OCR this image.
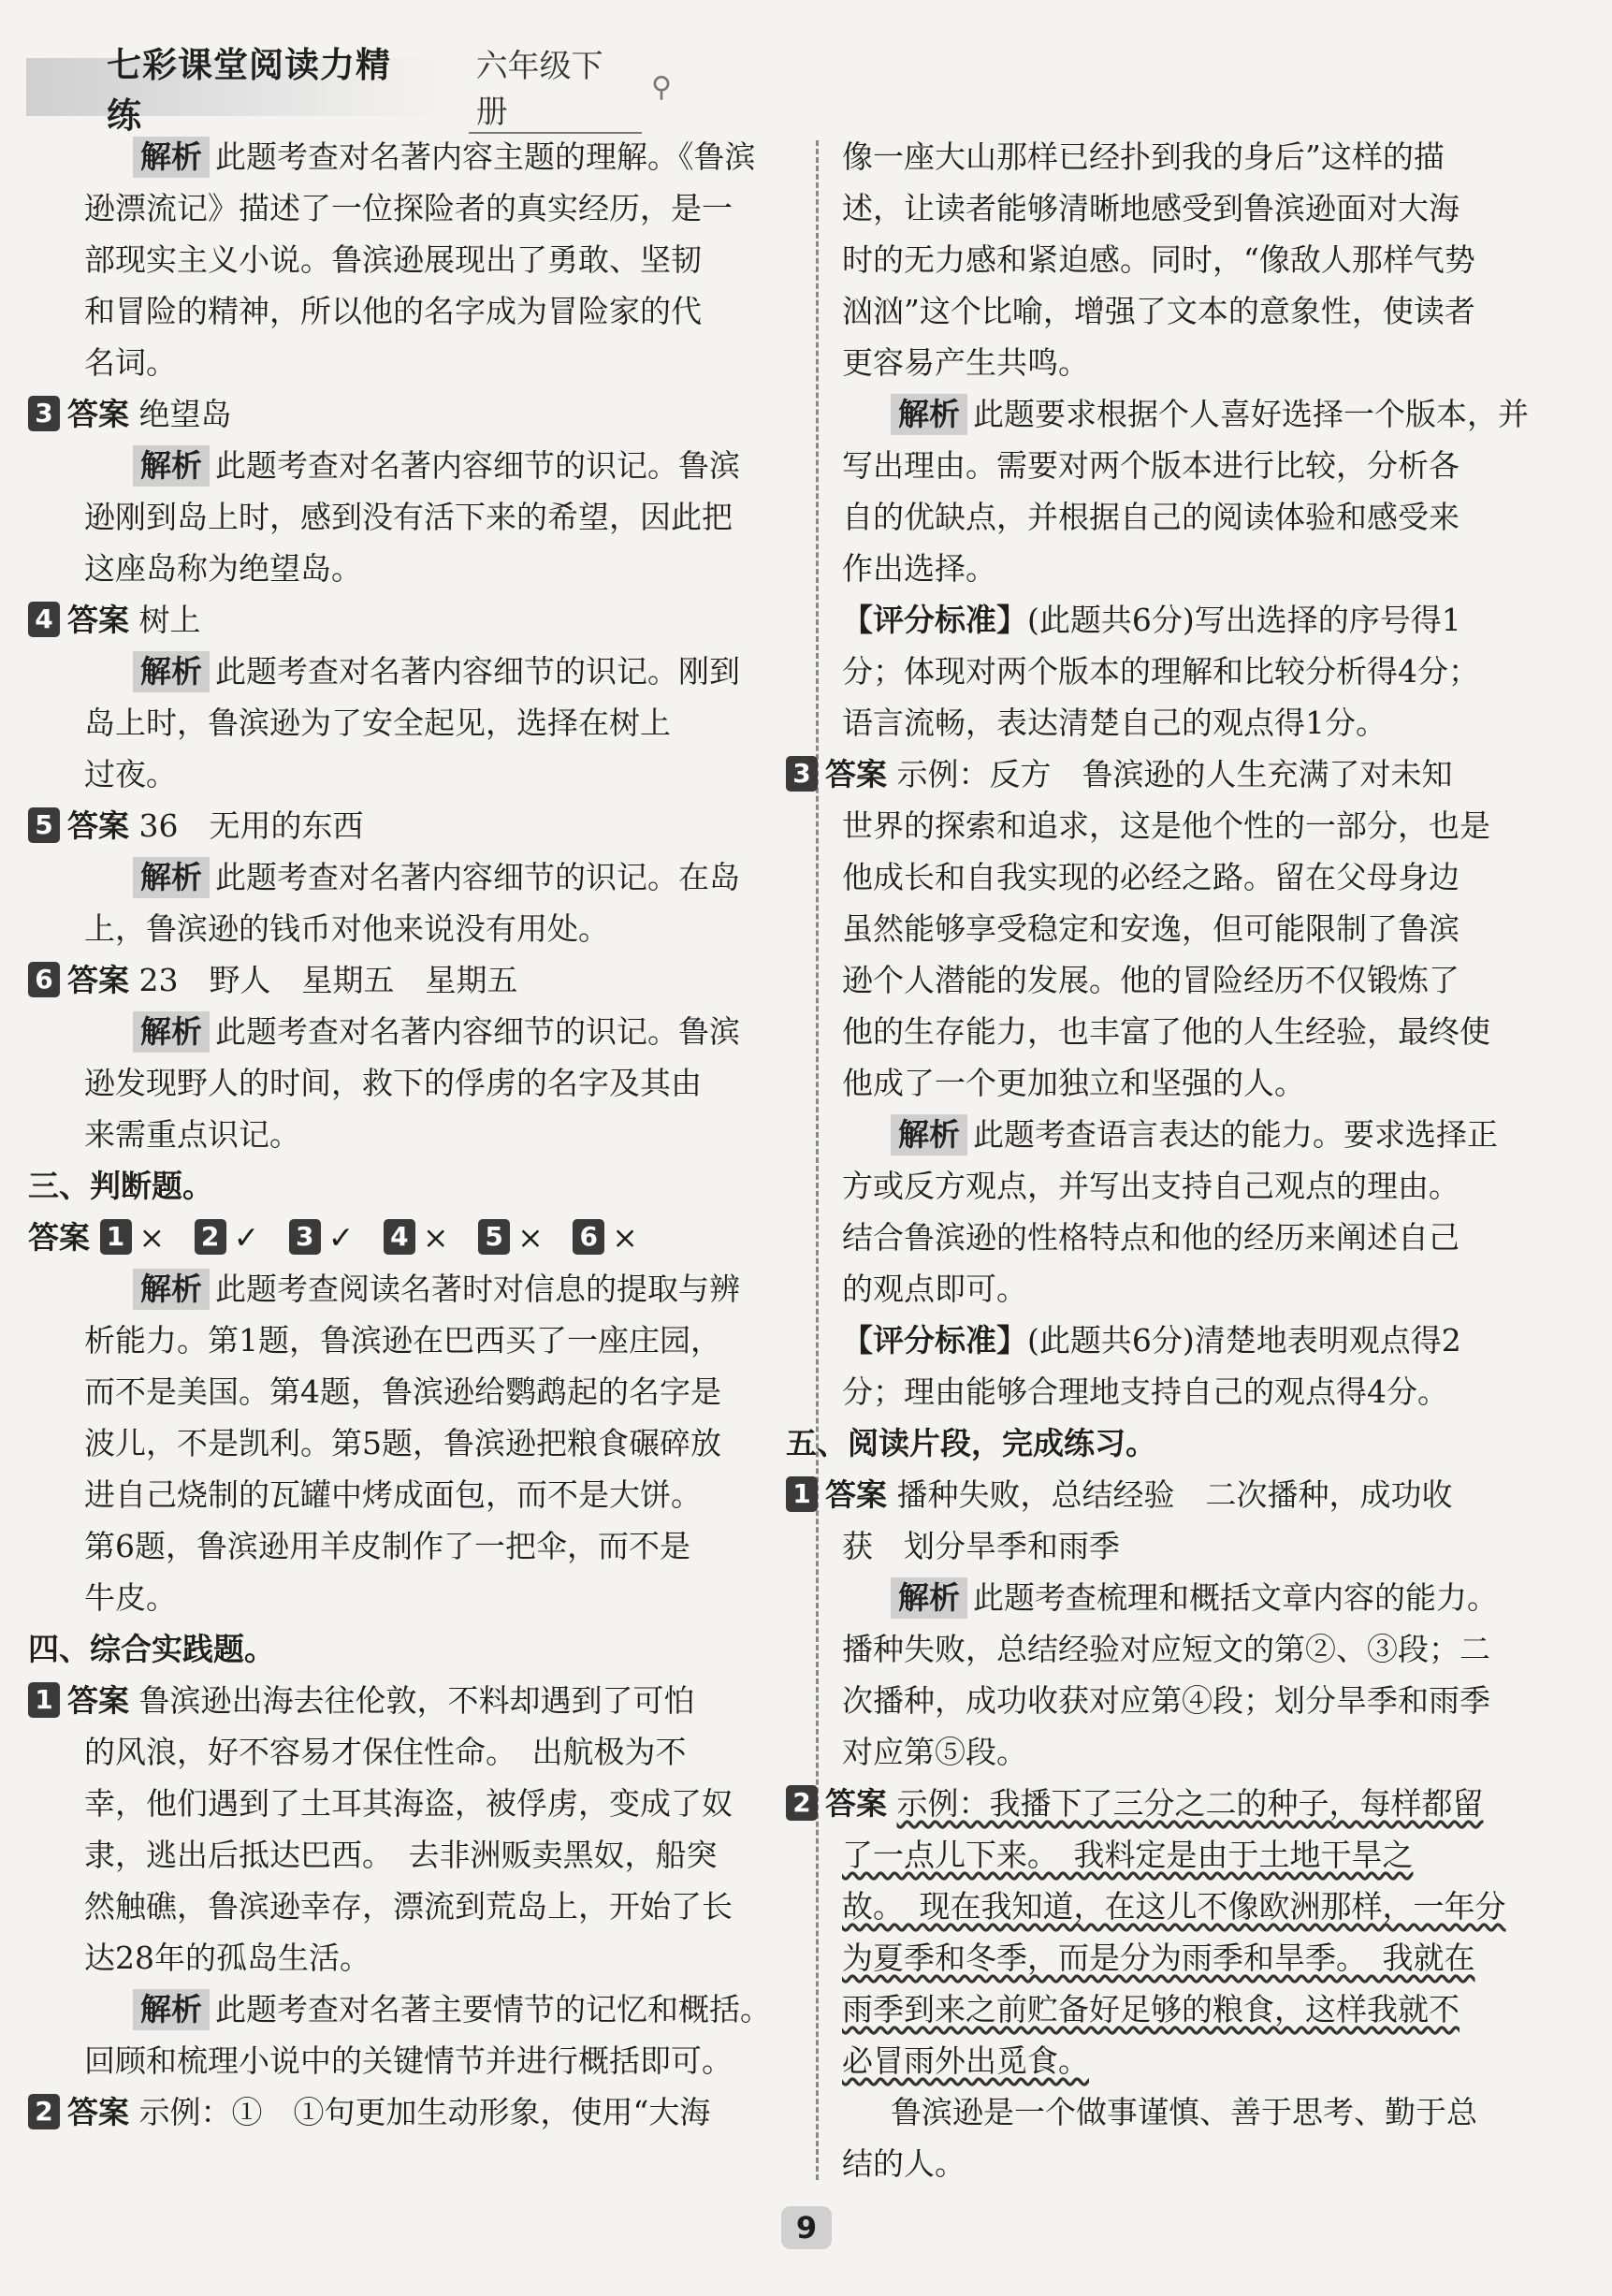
七彩课堂阅读力精练
六年级下册
⚲
解析 此题考查对名著内容主题的理解。《鲁滨
逊漂流记》描述了一位探险者的真实经历，是一
部现实主义小说。鲁滨逊展现出了勇敢、坚韧
和冒险的精神，所以他的名字成为冒险家的代
名词。
3 答案 绝望岛
解析 此题考查对名著内容细节的识记。鲁滨
逊刚到岛上时，感到没有活下来的希望，因此把
这座岛称为绝望岛。
4 答案 树上
解析 此题考查对名著内容细节的识记。刚到
岛上时，鲁滨逊为了安全起见，选择在树上
过夜。
5 答案 36　无用的东西
解析 此题考查对名著内容细节的识记。在岛
上，鲁滨逊的钱币对他来说没有用处。
6 答案 23　野人　星期五　星期五
解析 此题考查对名著内容细节的识记。鲁滨
逊发现野人的时间，救下的俘虏的名字及其由
来需重点识记。
三、判断题。
答案 1 × 2 ✓ 3 ✓ 4 × 5 × 6 ×
解析 此题考查阅读名著时对信息的提取与辨
析能力。第1题，鲁滨逊在巴西买了一座庄园，
而不是美国。第4题，鲁滨逊给鹦鹉起的名字是
波儿，不是凯利。第5题，鲁滨逊把粮食碾碎放
进自己烧制的瓦罐中烤成面包，而不是大饼。
第6题，鲁滨逊用羊皮制作了一把伞，而不是
牛皮。
四、综合实践题。
1 答案 鲁滨逊出海去往伦敦，不料却遇到了可怕
的风浪，好不容易才保住性命。　出航极为不
幸，他们遇到了土耳其海盗，被俘虏，变成了奴
隶，逃出后抵达巴西。　去非洲贩卖黑奴，船突
然触礁，鲁滨逊幸存，漂流到荒岛上，开始了长
达28年的孤岛生活。
解析 此题考查对名著主要情节的记忆和概括。
回顾和梳理小说中的关键情节并进行概括即可。
2 答案 示例：①　①句更加生动形象，使用“大海
像一座大山那样已经扑到我的身后”这样的描
述，让读者能够清晰地感受到鲁滨逊面对大海
时的无力感和紧迫感。同时，“像敌人那样气势
汹汹”这个比喻，增强了文本的意象性，使读者
更容易产生共鸣。
解析 此题要求根据个人喜好选择一个版本，并
写出理由。需要对两个版本进行比较，分析各
自的优缺点，并根据自己的阅读体验和感受来
作出选择。
【评分标准】(此题共6分)写出选择的序号得1
分；体现对两个版本的理解和比较分析得4分；
语言流畅，表达清楚自己的观点得1分。
3 答案 示例：反方　鲁滨逊的人生充满了对未知
世界的探索和追求，这是他个性的一部分，也是
他成长和自我实现的必经之路。留在父母身边
虽然能够享受稳定和安逸，但可能限制了鲁滨
逊个人潜能的发展。他的冒险经历不仅锻炼了
他的生存能力，也丰富了他的人生经验，最终使
他成了一个更加独立和坚强的人。
解析 此题考查语言表达的能力。要求选择正
方或反方观点，并写出支持自己观点的理由。
结合鲁滨逊的性格特点和他的经历来阐述自己
的观点即可。
【评分标准】(此题共6分)清楚地表明观点得2
分；理由能够合理地支持自己的观点得4分。
五、阅读片段，完成练习。
1 答案 播种失败，总结经验　二次播种，成功收
获　划分旱季和雨季
解析 此题考查梳理和概括文章内容的能力。
播种失败，总结经验对应短文的第②、③段；二
次播种，成功收获对应第④段；划分旱季和雨季
对应第⑤段。
2 答案 示例：我播下了三分之二的种子，每样都留
了一点儿下来。　我料定是由于土地干旱之
故。　现在我知道，在这儿不像欧洲那样，一年分
为夏季和冬季，而是分为雨季和旱季。　我就在
雨季到来之前贮备好足够的粮食，这样我就不
必冒雨外出觅食。
鲁滨逊是一个做事谨慎、善于思考、勤于总
结的人。
9
